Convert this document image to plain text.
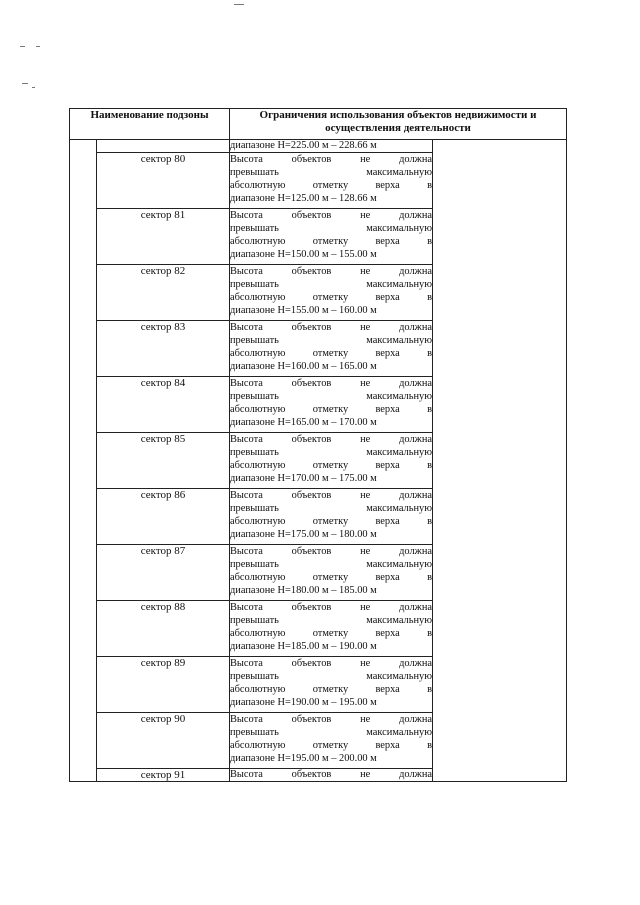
Наименование подзоны		Ограничения использования объектов недвижимости и осуществления деятельности	
		диапазоне H=225.00 м – 228.66 м	
	сектор 80	Высота объектов не должна
превышать максимальную
абсолютную отметку верха в
диапазоне H=125.00 м – 128.66 м	

	сектор 81	Высота объектов не должна
превышать максимальную
абсолютную отметку верха в
диапазоне H=150.00 м – 155.00 м	

	сектор 82	Высота объектов не должна
превышать максимальную
абсолютную отметку верха в
диапазоне H=155.00 м – 160.00 м	

	сектор 83	Высота объектов не должна
превышать максимальную
абсолютную отметку верха в
диапазоне H=160.00 м – 165.00 м	

	сектор 84	Высота объектов не должна
превышать максимальную
абсолютную отметку верха в
диапазоне H=165.00 м – 170.00 м	

	сектор 85	Высота объектов не должна
превышать максимальную
абсолютную отметку верха в
диапазоне H=170.00 м – 175.00 м	

	сектор 86	Высота объектов не должна
превышать максимальную
абсолютную отметку верха в
диапазоне H=175.00 м – 180.00 м	

	сектор 87	Высота объектов не должна
превышать максимальную
абсолютную отметку верха в
диапазоне H=180.00 м – 185.00 м	

	сектор 88	Высота объектов не должна
превышать максимальную
абсолютную отметку верха в
диапазоне H=185.00 м – 190.00 м	

	сектор 89	Высота объектов не должна
превышать максимальную
абсолютную отметку верха в
диапазоне H=190.00 м – 195.00 м	

	сектор 90	Высота объектов не должна
превышать максимальную
абсолютную отметку верха в
диапазоне H=195.00 м – 200.00 м	

	сектор 91	Высота объектов не должна	
